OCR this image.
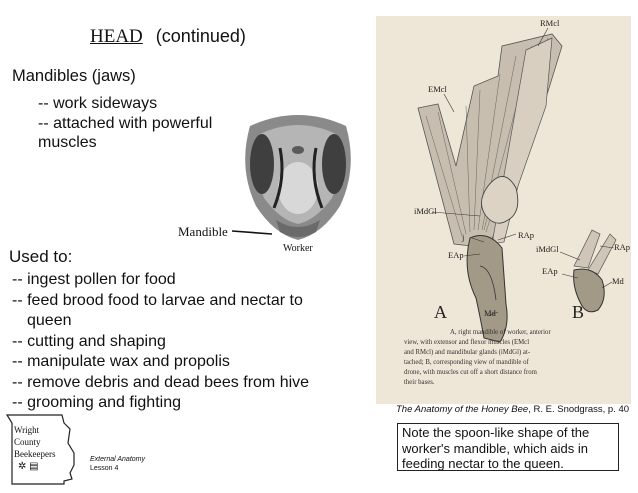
HEAD (continued)
Mandibles (jaws)
-- work sideways
-- attached with powerful muscles
Mandible
Worker
Used to:
-- ingest pollen for food
-- feed brood food to larvae and nectar to
queen
-- cutting and shaping
-- manipulate wax and propolis
-- remove debris and dead bees from hive
-- grooming and fighting
RMcl
EMcl
iMdGl
j
EAp
RAp
Md
iMdGl
EAp
RAp
Md
A	B
A, right mandible of worker, anterior
view, with extensor and flexor muscles (EMcl
and RMcl) and mandibular glands (iMdGl) at-
tached; B, corresponding view of mandible of
drone, with muscles cut off a short distance from
their bases.
The Anatomy of the Honey Bee, R. E. Snodgrass, p. 40
Note the spoon-like shape of the worker's mandible, which aids in feeding nectar to the queen.
Wright
County
Beekeepers
✲ ▤
External Anatomy
Lesson 4
